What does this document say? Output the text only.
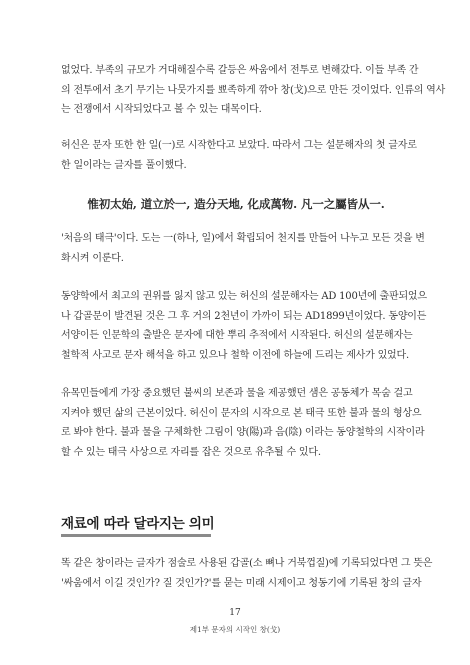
없었다. 부족의 규모가 거대해질수록 갈등은 싸움에서 전투로 변해갔다. 이들 부족 간
의 전투에서 초기 무기는 나뭇가지를 뾰족하게 깎아 창(戈)으로 만든 것이었다. 인류의 역사
는 전쟁에서 시작되었다고 볼 수 있는 대목이다.

허신은 문자 또한 한 일(一)로 시작한다고 보았다. 따라서 그는 설문해자의 첫 글자로
한 일이라는 글자를 풀이했다.

惟初太始, 道立於一, 造分天地, 化成萬物. 凡一之屬皆从一.

'처음의 태극'이다. 도는 一(하나, 일)에서 확립되어 천지를 만들어 나누고 모든 것을 변
화시켜 이룬다.

동양학에서 최고의 권위를 잃지 않고 있는 허신의 설문해자는 AD 100년에 출판되었으
나 갑골문이 발견된 것은 그 후 거의 2천년이 가까이 되는 AD1899년이었다. 동양이든
서양이든 인문학의 출발은 문자에 대한 뿌리 추적에서 시작된다. 허신의 설문해자는
철학적 사고로 문자 해석을 하고 있으나 철학 이전에 하늘에 드리는 제사가 있었다.

유목민들에게 가장 중요했던 불씨의 보존과 물을 제공했던 샘은 공동체가 목숨 걸고
지켜야 했던 삶의 근본이었다. 허신이 문자의 시작으로 본 태극 또한 불과 물의 형상으
로 봐야 한다. 불과 물을 구체화한 그림이 양(陽)과 음(陰) 이라는 동양철학의 시작이라
할 수 있는 태극 사상으로 자리를 잡은 것으로 유추될 수 있다.

재료에 따라 달라지는 의미

똑 같은 창이라는 글자가 점술로 사용된 갑골(소 뼈나 거북껍질)에 기록되었다면 그 뜻은
'싸움에서 이길 것인가? 질 것인가?'를 묻는 미래 시제이고 청동기에 기록된 창의 글자

17
제1부 문자의 시작인 창(戈)
